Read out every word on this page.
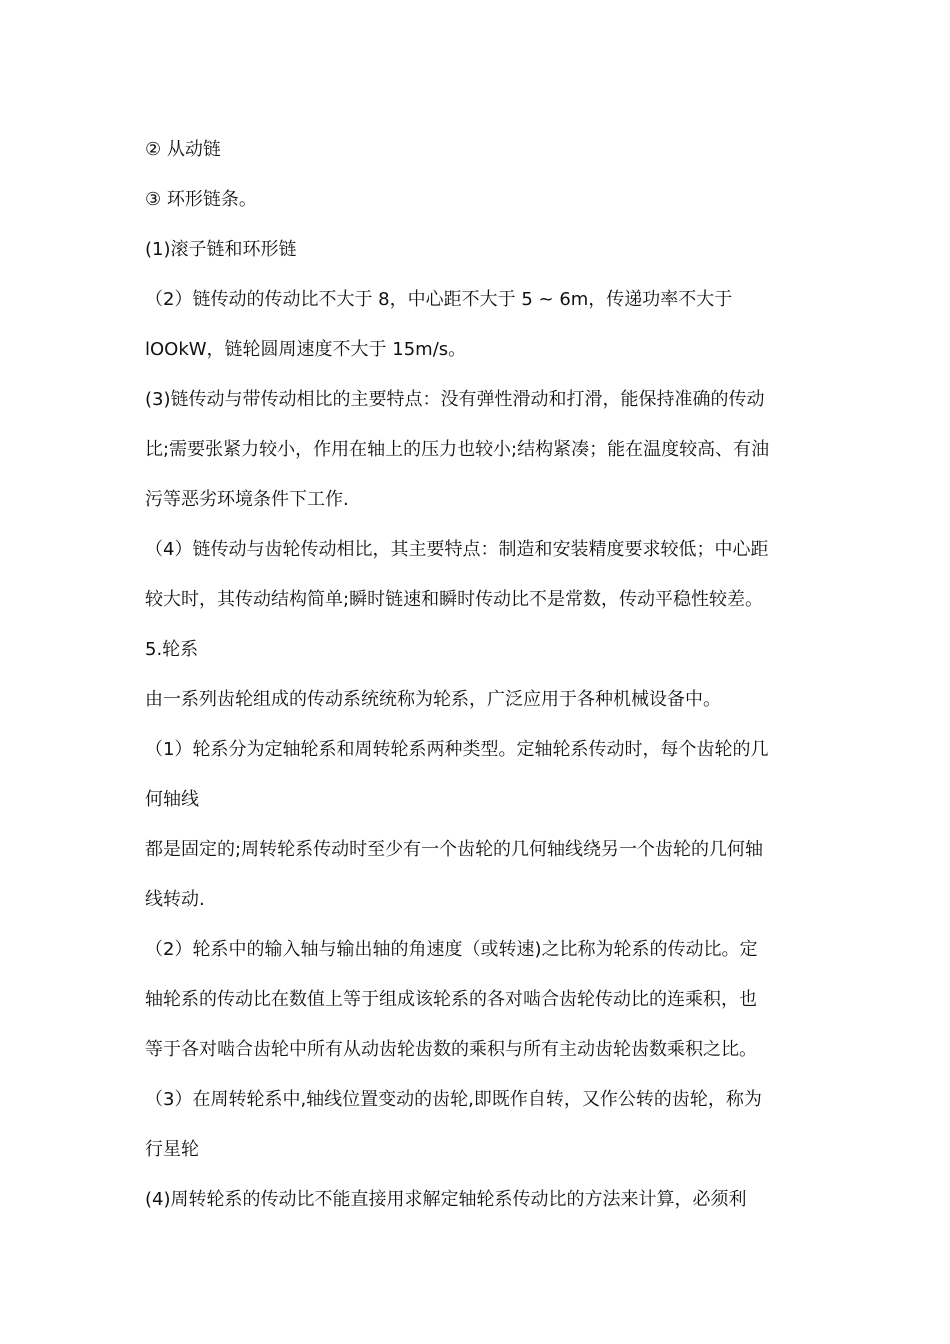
② 从动链
③ 环形链条。
(1)滚子链和环形链
（2）链传动的传动比不大于 8，中心距不大于 5 ~ 6m，传递功率不大于
lOOkW，链轮圆周速度不大于 15m/s。
(3)链传动与带传动相比的主要特点：没有弹性滑动和打滑，能保持准确的传动
比;需要张紧力较小，作用在轴上的压力也较小;结构紧凑；能在温度较高、有油
污等恶劣环境条件下工作.
（4）链传动与齿轮传动相比，其主要特点：制造和安装精度要求较低；中心距
较大时，其传动结构简单;瞬时链速和瞬时传动比不是常数，传动平稳性较差。
5.轮系
由一系列齿轮组成的传动系统统称为轮系，广泛应用于各种机械设备中。
（1）轮系分为定轴轮系和周转轮系两种类型。定轴轮系传动时，每个齿轮的几
何轴线
都是固定的;周转轮系传动时至少有一个齿轮的几何轴线绕另一个齿轮的几何轴
线转动.
（2）轮系中的输入轴与输出轴的角速度（或转速)之比称为轮系的传动比。定
轴轮系的传动比在数值上等于组成该轮系的各对啮合齿轮传动比的连乘积，也
等于各对啮合齿轮中所有从动齿轮齿数的乘积与所有主动齿轮齿数乘积之比。
（3）在周转轮系中,轴线位置变动的齿轮,即既作自转，又作公转的齿轮，称为
行星轮
(4)周转轮系的传动比不能直接用求解定轴轮系传动比的方法来计算，必须利
